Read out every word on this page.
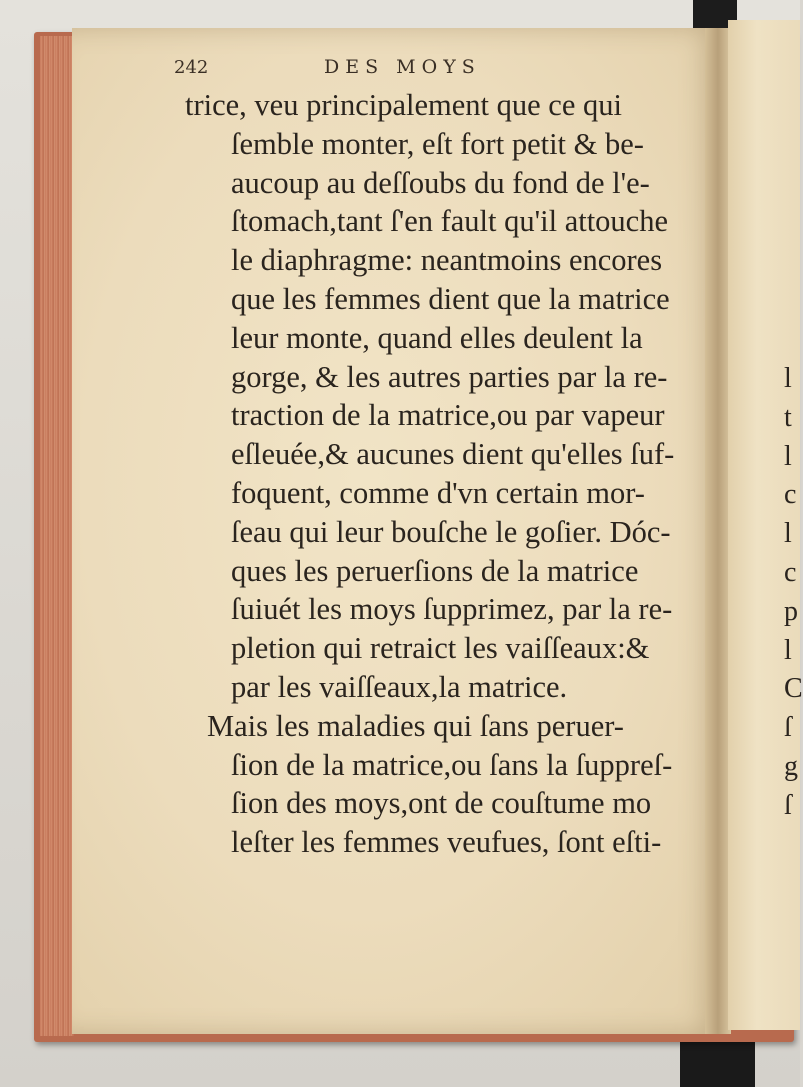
242	DES MOYS
trice, veu principalement que ce qui
ſemble monter, eſt fort petit & be-
aucoup au deſſoubs du fond de l'e-
ſtomach,tant ſ'en fault qu'il attouche
le diaphragme: neantmoins encores
que les femmes dient que la matrice
leur monte, quand elles deulent la
gorge, & les autres parties par la re-
traction de la matrice,ou par vapeur
eſleuée,& aucunes dient qu'elles ſuf-
foquent, comme d'vn certain mor-
ſeau qui leur bouſche le goſier. Dóc-
ques les peruerſions de la matrice
ſuiuét les moys ſupprimez, par la re-
pletion qui retraict les vaiſſeaux:&
par les vaiſſeaux,la matrice.
Mais les maladies qui ſans peruer-
ſion de la matrice,ou ſans la ſuppreſ-
ſion des moys,ont de couſtume mo
leſter les femmes veufues, ſont eſti-
l
t
l
c
l
c
p
l
C
ſ
g
ſ
